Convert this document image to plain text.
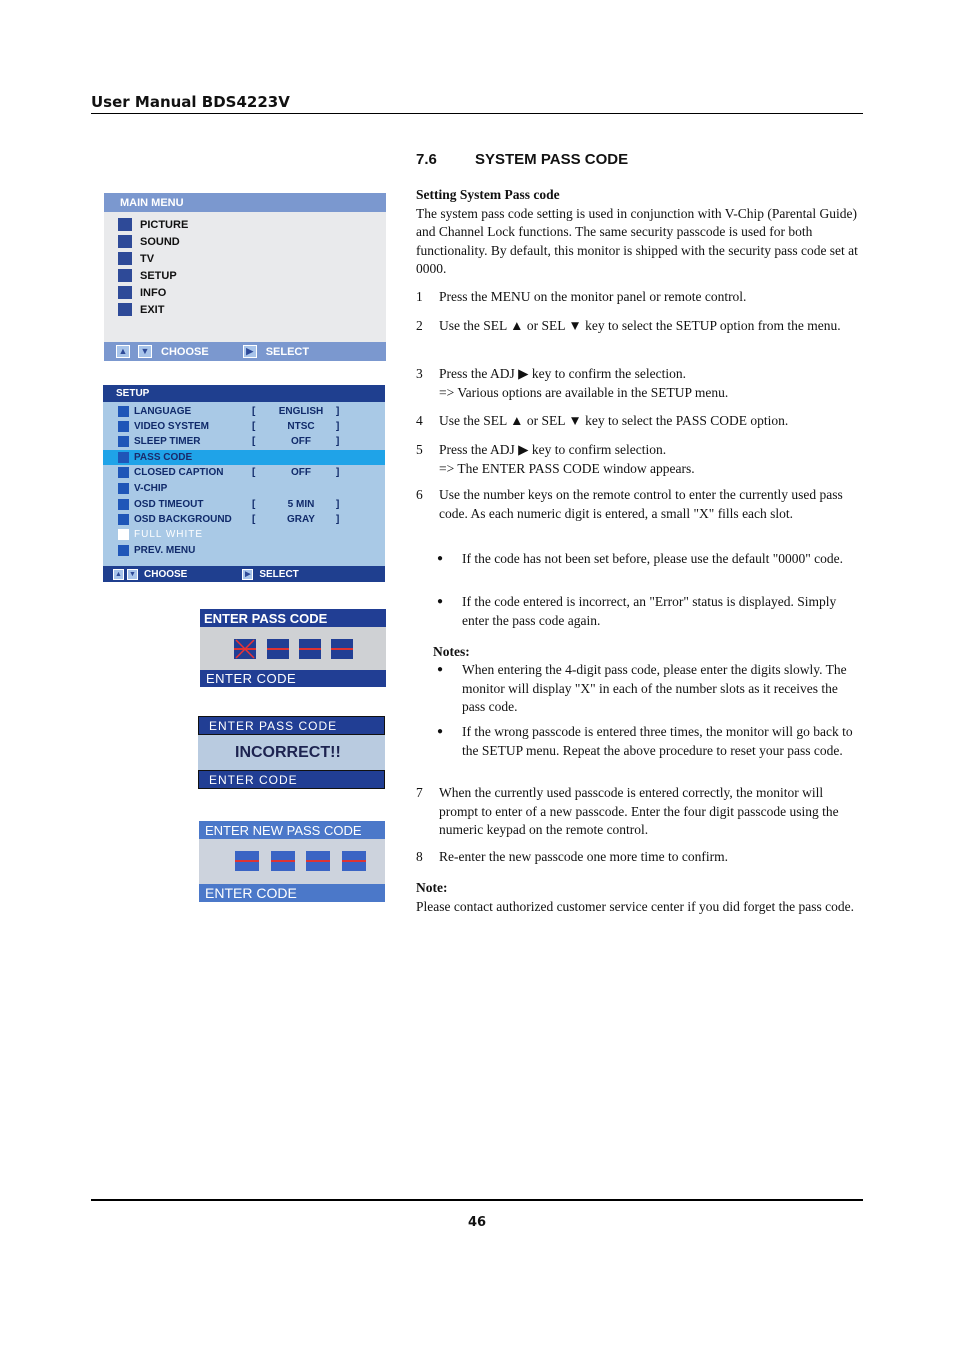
User Manual BDS4223V
MAIN MENU
PICTURE
SOUND
TV
SETUP
INFO
EXIT
▲ ▼ CHOOSE	▶	SELECT
SETUP
LANGUAGE	[	ENGLISH	]
VIDEO SYSTEM	[	NTSC	]
SLEEP TIMER	[	OFF	]
PASS CODE
CLOSED CAPTION	[	OFF	]
V-CHIP
OSD TIMEOUT	[	5 MIN	]
OSD BACKGROUND	[	GRAY	]
FULL WHITE
PREV. MENU
▲ ▼ CHOOSE	▶ SELECT
ENTER PASS CODE
ENTER CODE
ENTER PASS CODE
INCORRECT!!
ENTER CODE
ENTER NEW PASS CODE
ENTER CODE
7.6	SYSTEM PASS CODE
Setting System Pass code
The system pass code setting is used in conjunction with V-Chip (Parental Guide) and Channel Lock functions. The same security passcode is used for both functionality. By default, this monitor is shipped with the security pass code set at 0000.
1 Press the MENU on the monitor panel or remote control.
2 Use the SEL ▲ or SEL ▼ key to select the SETUP option from the menu.
3 Press the ADJ ▶ key to confirm the selection.
=> Various options are available in the SETUP menu.
4 Use the SEL ▲ or SEL ▼ key to select the PASS CODE option.
5 Press the ADJ ▶ key to confirm selection.
=> The ENTER PASS CODE window appears.
6 Use the number keys on the remote control to enter the currently used pass code. As each numeric digit is entered, a small "X" fills each slot.
● If the code has not been set before, please use the default "0000" code.
● If the code entered is incorrect, an "Error" status is displayed. Simply enter the pass code again.
Notes:
● When entering the 4-digit pass code, please enter the digits slowly. The monitor will display "X" in each of the number slots as it receives the pass code.
● If the wrong passcode is entered three times, the monitor will go back to the SETUP menu. Repeat the above procedure to reset your pass code.
7 When the currently used passcode is entered correctly, the monitor will prompt to enter of a new passcode. Enter the four digit passcode using the numeric keypad on the remote control.
8 Re-enter the new passcode one more time to confirm.
Note:
Please contact authorized customer service center if you did forget the pass code.
46
